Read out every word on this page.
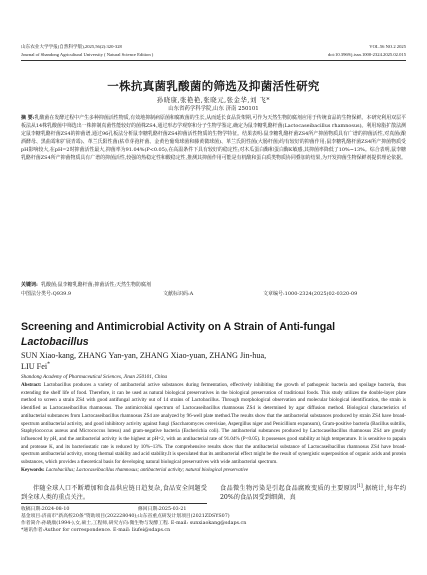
山东农业大学学报(自然科学版),2025,56(2):320-328	VOL.56 NO.2 2025
Journal of Shandong Agricultural University ( Natural Science Edition )	doi:10.3969/j.issn.1000-2324.2025.02.015
一株抗真菌乳酸菌的筛选及抑菌活性研究
孙晓康,张艳艳,张晓元,张金华,刘 飞*
山东省药学科学院,山东 济南 250101
摘 要:乳酸菌在发酵过程中产生多种抑菌活性物质,有效地抑制病原菌和腐败菌的生长,从而延长食品货架期,可作为天然生物防腐剂应用于传统食品的生物保鲜。本研究利用双层平板法从14株乳酸菌中筛选出一株抑制真菌性能较好的菌株ZS4,通过形态学观察和分子生物学鉴定,确定为鼠李糖乳酪杆菌(Lactocaseibacillus rhamnosus)。利用琼脂扩散法测定鼠李糖乳酪杆菌ZS4的抑菌谱,通过96孔板法分析鼠李糖乳酪杆菌ZS4抑菌活性物质的生物学特征。结果表明:鼠李糖乳酪杆菌ZS4所产抑菌物质具有广谱的抑菌活性,对真菌(酿酒酵母、黑曲霉和扩展青霉)、革兰氏阳性菌(枯草芽孢杆菌、金黄色葡萄球菌和藤黄微球菌)、革兰氏阴性菌(大肠杆菌)均有较好的抑菌作用;鼠李糖乳酪杆菌ZS4所产抑菌物质受pH影响较大,在pH=2时抑菌活性最大,抑菌率为91.04%(P<0.05),在高温条件下具有较好的稳定性;对木瓜蛋白酶和蛋白酶K敏感,其抑菌率降低了10%~13%。综合表明,鼠李糖乳酪杆菌ZS4所产抑菌物质具有广谱的抑菌活性,较强的热稳定性和酸稳定性,推测其抑菌作用可能是有机酸和蛋白质类物质协同叠加的结果,为开发抑菌生物保鲜剂提供理论依据。
关键词: 乳酸菌;鼠李糖乳酪杆菌;抑菌活性;天然生物防腐剂
中图法分类号:Q939.9	文献标识码:A	文章编号:1000-2324(2025)02-0320-09
Screening and Antimicrobial Activity on A Strain of Anti-fungal
Lactobacillus
SUN Xiao-kang, ZHANG Yan-yan, ZHANG Xiao-yuan, ZHANG Jin-hua,
LIU Fei*
Shandong Academy of Pharmaceutical Sciences, Jinan 250101, China
Abstract: Lactobacillus produces a variety of antibacterial active substances during fermentation, effectively inhibiting the growth of pathogenic bacteria and spoilage bacteria, thus extending the shelf life of food. Therefore, it can be used as natural biological preservatives in the biological preservation of traditional foods. This study utilizes the double-layer plate method to screen a strain ZS4 with good antifungal activity out of 14 strains of Lactobacillus. Through morphological observation and molecular biological identification, the strain is identified as Lactocaseibacillus rhamnosus. The antimicrobial spectrum of Lactocaseibacillus rhamnosus ZS4 is determined by agar diffusion method. Biological characteristics of antibacterial substances from Lactocaseibacillus rhamnosus ZS4 are analyzed by 96-well plate method.The results show that the antibacterial substances produced by strain ZS4 have broad-spectrum antibacterial activity, and good inhibitory activity against fungi (Saccharomyces cerevisiae, Aspergillus niger and Penicillium expansum), Gram-positive bacteria (Bacillus subtilis, Staphylococcus aureus and Micrococcus luteus) and gram-negative bacteria (Escherichia coli). The antibacterial substances produced by Lactocaseibacillus rhamnosus ZS4 are greatly influenced by pH, and the antibacterial activity is the highest at pH=2, with an antibacterial rate of 91.04% (P<0.05). It possesses good stability at high temperature. It is sensitive to papain and protease K, and its bacteriostatic rate is reduced by 10%~13%. The comprehensive results show that the antibacterial substance of Lactocaseibacillus rhamnosus ZS4 have broad-spectrum antibacterial activity, strong thermal stability and acid stability.It is speculated that its antibacterial effect might be the result of synergistic superposition of organic acids and protein substances, which provides a theoretical basis for developing natural biological preservatives with wide antibacterial spectrum.
Keywords: Lactobacillus; Lactocaseibacillus rhamnosus; antibacterial activity; natural biological preservative
伴随全球人口不断增加和食品供应链日趋复杂,食品安全问题受到全球人类的重点关注。
食品微生物污染是引起食品腐败变质的主要原因[1],据统计,每年约20%的食品因受到细菌、真
收稿日期:2024-08-10	修回日期:2025-03-21
基金项目:济南市"新高校20条"资助项目(202228040);山东省重点研发计划项目(2021ZDSYS07)
作者简介:孙晓康(1994-),女,硕士,工程师,研究方向:微生物与发酵工程. E-mail: sunxiaokang@sdaps.cn
*通讯作者:Author for correspondence. E-mail: liufei@sdaps.cn
